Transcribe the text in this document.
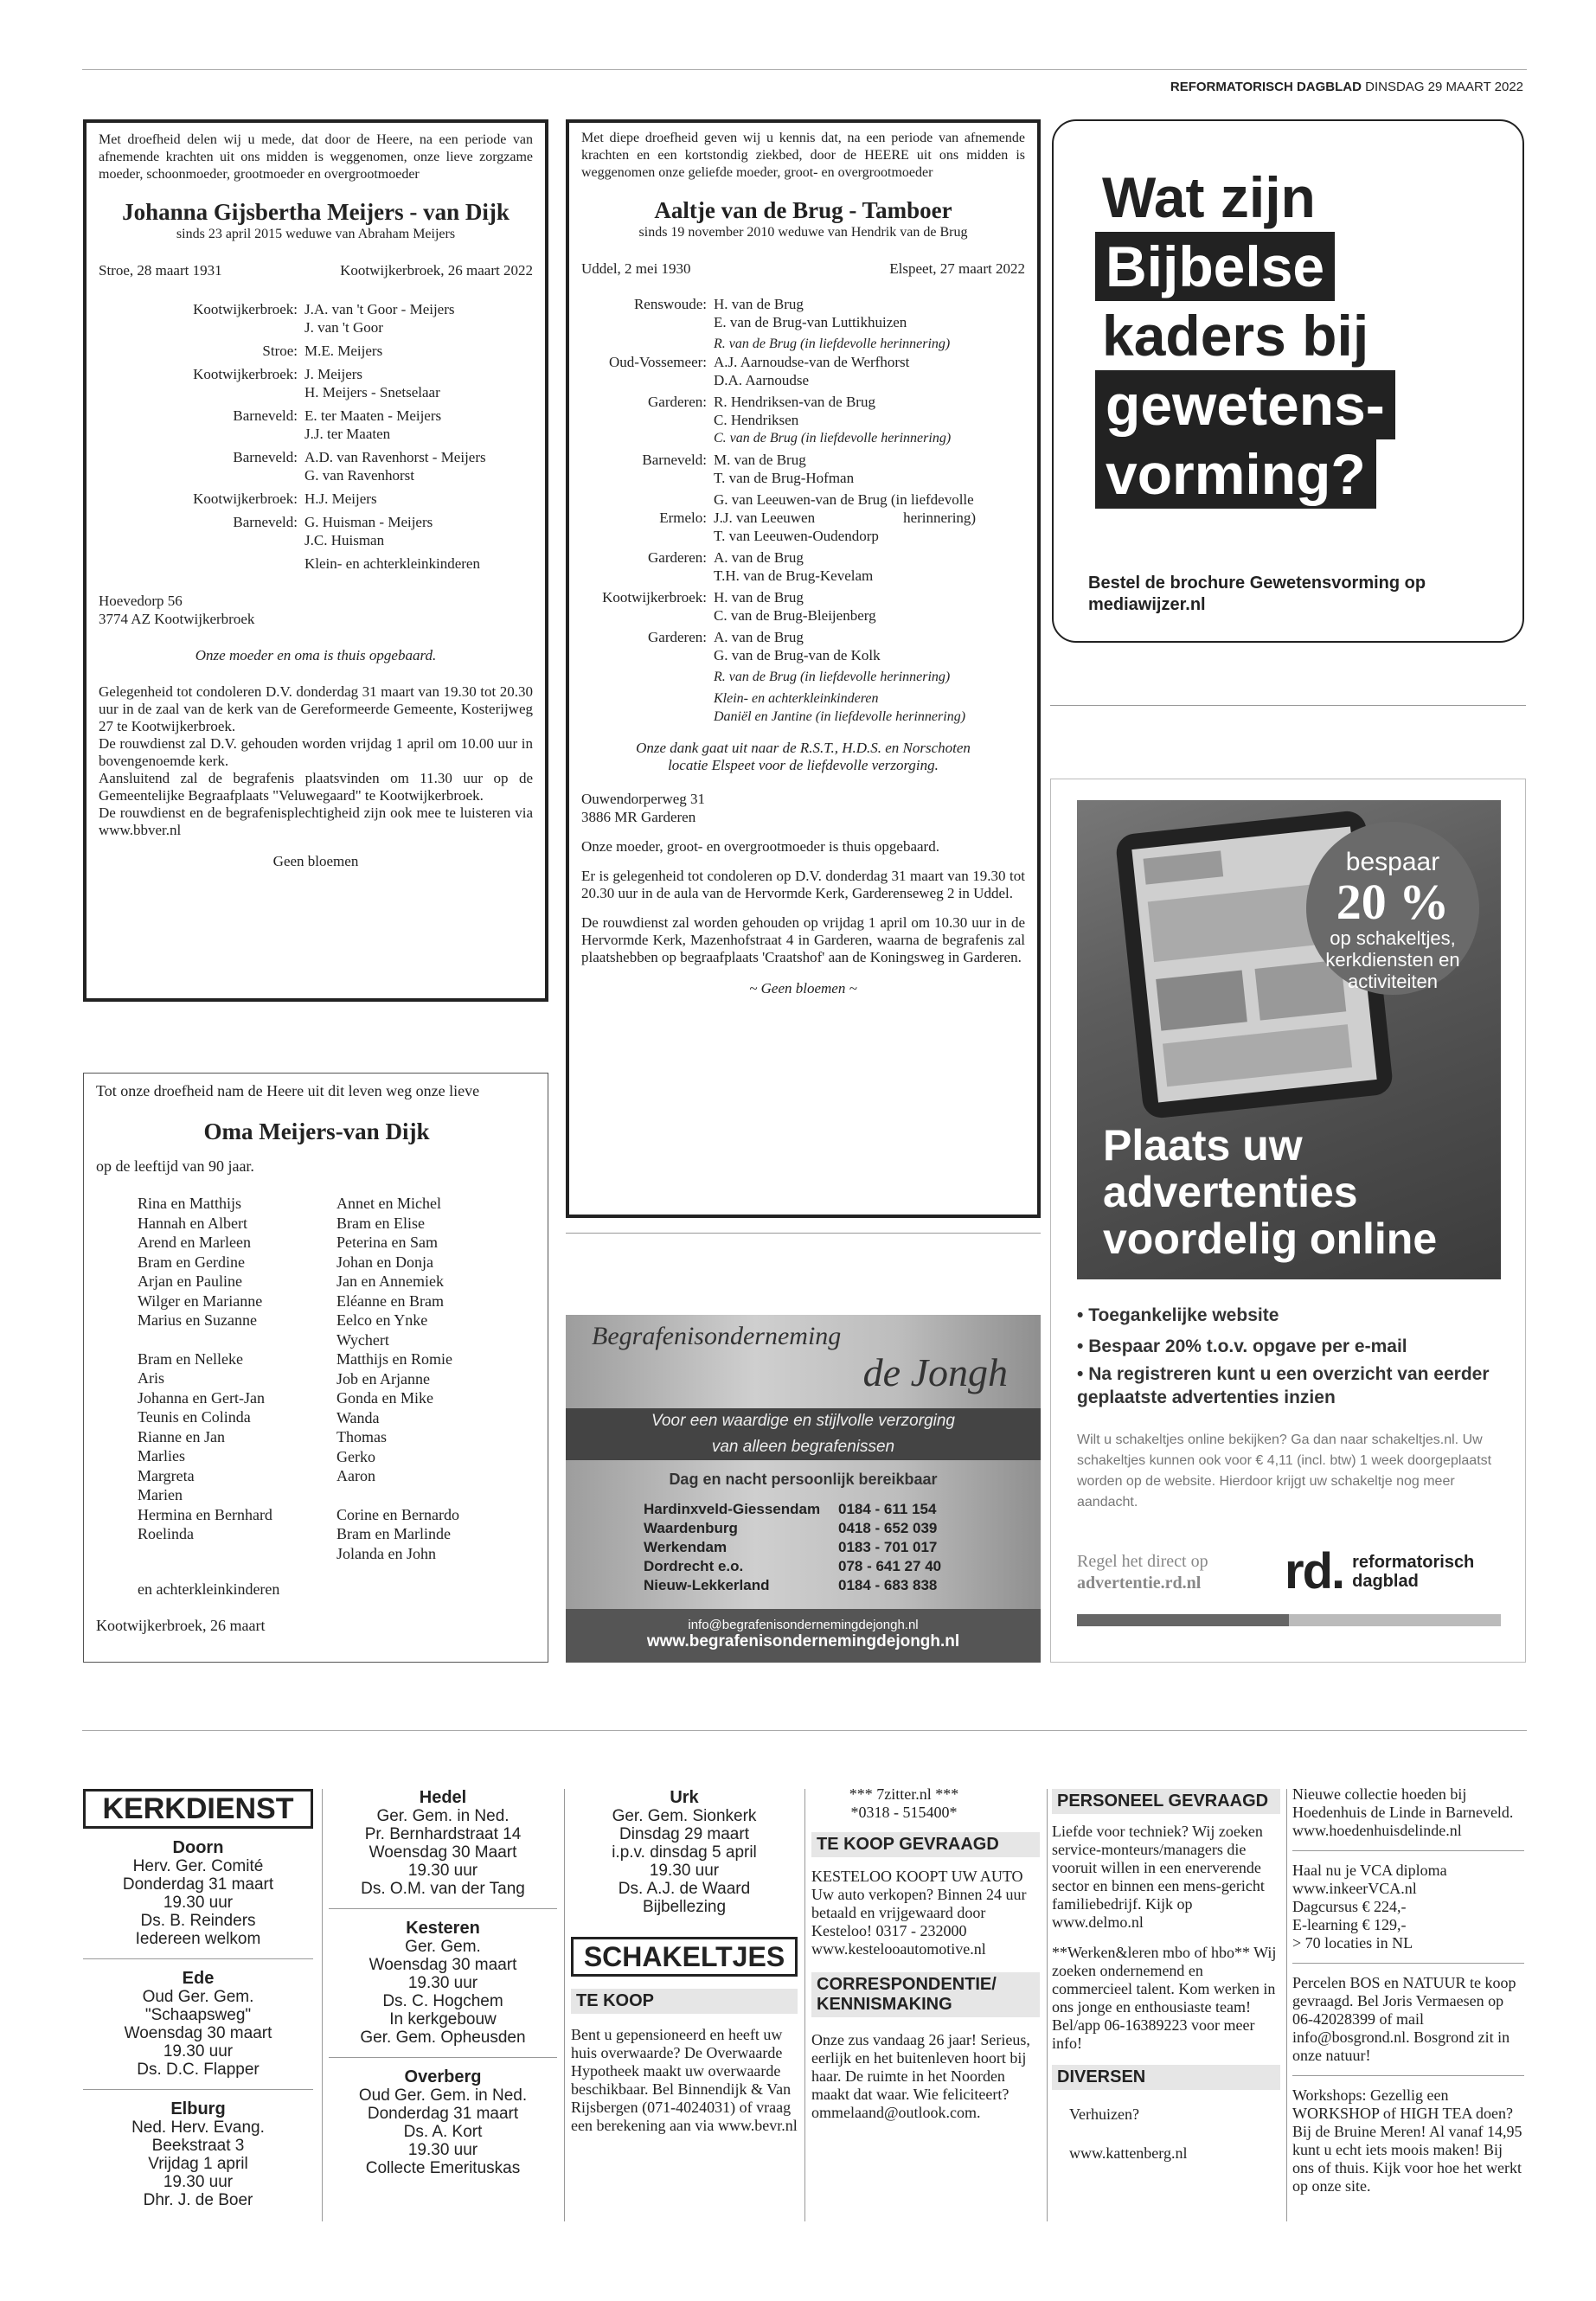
REFORMATORISCH DAGBLAD DINSDAG 29 MAART 2022

Met droefheid delen wij u mede, dat door de Heere, na een periode van afnemende krachten uit ons midden is weggenomen, onze lieve zorgzame moeder, schoonmoeder, grootmoeder en overgrootmoeder

Johanna Gijsbertha Meijers - van Dijk

sinds 23 april 2015 weduwe van Abraham Meijers

Stroe, 28 maart 1931	Kootwijkerbroek, 26 maart 2022
Kootwijkerbroek: J.A. van 't Goor - Meijers
J. van 't Goor
Stroe: M.E. Meijers
Kootwijkerbroek: J. Meijers
H. Meijers - Snetselaar
Barneveld: E. ter Maaten - Meijers
J.J. ter Maaten
Barneveld: A.D. van Ravenhorst - Meijers
G. van Ravenhorst
Kootwijkerbroek: H.J. Meijers
Barneveld: G. Huisman - Meijers
J.C. Huisman
Klein- en achterkleinkinderen
Hoevedorp 56
3774 AZ Kootwijkerbroek

Onze moeder en oma is thuis opgebaard.

Gelegenheid tot condoleren D.V. donderdag 31 maart van 19.30 tot 20.30 uur in de zaal van de kerk van de Gereformeerde Gemeente, Kosterijweg 27 te Kootwijkerbroek.

De rouwdienst zal D.V. gehouden worden vrijdag 1 april om 10.00 uur in bovengenoemde kerk.

Aansluitend zal de begrafenis plaatsvinden om 11.30 uur op de Gemeentelijke Begraafplaats "Veluwegaard" te Kootwijkerbroek.

De rouwdienst en de begrafenisplechtigheid zijn ook mee te luisteren via www.bbver.nl

Geen bloemen

Met diepe droefheid geven wij u kennis dat, na een periode van afnemende krachten en een kortstondig ziekbed, door de HEERE uit ons midden is weggenomen onze geliefde moeder, groot- en overgrootmoeder

Aaltje van de Brug - Tamboer

sinds 19 november 2010 weduwe van Hendrik van de Brug

Uddel, 2 mei 1930	Elspeet, 27 maart 2022
Renswoude: H. van de Brug
E. van de Brug-van Luttikhuizen
R. van de Brug (in liefdevolle herinnering)
Oud-Vossemeer: A.J. Aarnoudse-van de Werfhorst
D.A. Aarnoudse
Garderen: R. Hendriksen-van de Brug
C. Hendriksen
C. van de Brug (in liefdevolle herinnering)
Barneveld: M. van de Brug
T. van de Brug-Hofman
G. van Leeuwen-van de Brug (in liefdevolle
Ermelo: J.J. van Leeuwen                        herinnering)
T. van Leeuwen-Oudendorp
Garderen: A. van de Brug
T.H. van de Brug-Kevelam
Kootwijkerbroek: H. van de Brug
C. van de Brug-Bleijenberg
Garderen: A. van de Brug
G. van de Brug-van de Kolk
R. van de Brug (in liefdevolle herinnering)
Klein- en achterkleinkinderen
Daniël en Jantine (in liefdevolle herinnering)

Onze dank gaat uit naar de R.S.T., H.D.S. en Norschoten locatie Elspeet voor de liefdevolle verzorging.

Ouwendorperweg 31
3886 MR Garderen

Onze moeder, groot- en overgrootmoeder is thuis opgebaard.

Er is gelegenheid tot condoleren op D.V. donderdag 31 maart van 19.30 tot 20.30 uur in de aula van de Hervormde Kerk, Garderenseweg 2 in Uddel.

De rouwdienst zal worden gehouden op vrijdag 1 april om 10.30 uur in de Hervormde Kerk, Mazenhofstraat 4 in Garderen, waarna de begrafenis zal plaatshebben op begraafplaats 'Craatshof' aan de Koningsweg in Garderen.

~ Geen bloemen ~

Tot onze droefheid nam de Heere uit dit leven weg onze lieve

Oma Meijers-van Dijk

op de leeftijd van 90 jaar.

Rina en Matthijs
Hannah en Albert
Arend en Marleen
Bram en Gerdine
Arjan en Pauline
Wilger en Marianne
Marius en Suzanne
Bram en Nelleke
Aris
Johanna en Gert-Jan
Teunis en Colinda
Rianne en Jan
Marlies
Margreta
Marien
Hermina en Bernhard
Roelinda
Annet en Michel
Bram en Elise
Peterina en Sam
Johan en Donja
Jan en Annemiek
Eléanne en Bram
Eelco en Ynke
Wychert
Matthijs en Romie
Job en Arjanne
Gonda en Mike
Wanda
Thomas
Gerko
Aaron
Corine en Bernardo
Bram en Marlinde
Jolanda en John

en achterkleinkinderen

Kootwijkerbroek, 26 maart

Wat zijn
Bijbelse
kaders bij
gewetens-
vorming?
Bestel de brochure Gewetensvorming op mediawijzer.nl
bespaar
20 %
op schakeltjes, kerkdiensten en activiteiten
Plaats uw advertenties voordelig online
• Toegankelijke website
• Bespaar 20% t.o.v. opgave per e-mail
• Na registreren kunt u een overzicht van eerder geplaatste advertenties inzien
Wilt u schakeltjes online bekijken? Ga dan naar schakeltjes.nl. Uw schakeltjes kunnen ook voor € 4,11 (incl. btw) 1 week doorgeplaatst worden op de website. Hierdoor krijgt uw schakeltje nog meer aandacht.
Regel het direct op
advertentie.rd.nl rd. reformatorisch
dagblad
Begrafenisonderneming
de Jongh
Voor een waardige en stijlvolle verzorging
van alleen begrafenissen
Dag en nacht persoonlijk bereikbaar
Hardinxveld-Giessendam	0184 - 611 154
Waardenburg	0418 - 652 039
Werkendam	0183 - 701 017
Dordrecht e.o.	078 - 641 27 40
Nieuw-Lekkerland	0184 - 683 838
info@begrafenisondernemingdejongh.nl
www.begrafenisondernemingdejongh.nl
KERKDIENST
Doorn
Herv. Ger. Comité
Donderdag 31 maart
19.30 uur
Ds. B. Reinders
Iedereen welkom
Ede
Oud Ger. Gem.
"Schaapsweg"
Woensdag 30 maart
19.30 uur
Ds. D.C. Flapper
Elburg
Ned. Herv. Evang.
Beekstraat 3
Vrijdag 1 april
19.30 uur
Dhr. J. de Boer
Hedel
Ger. Gem. in Ned.
Pr. Bernhardstraat 14
Woensdag 30 Maart
19.30 uur
Ds. O.M. van der Tang
Kesteren
Ger. Gem.
Woensdag 30 maart
19.30 uur
Ds. C. Hogchem
In kerkgebouw
Ger. Gem. Opheusden
Overberg
Oud Ger. Gem. in Ned.
Donderdag 31 maart
Ds. A. Kort
19.30 uur
Collecte Emerituskas
Urk
Ger. Gem. Sionkerk
Dinsdag 29 maart
i.p.v. dinsdag 5 april
19.30 uur
Ds. A.J. de Waard
Bijbellezing
SCHAKELTJES
TE KOOP
Bent u gepensioneerd en heeft uw huis overwaarde? De Overwaarde Hypotheek maakt uw overwaarde beschikbaar. Bel Binnendijk & Van Rijsbergen (071-4024031) of vraag een berekening aan via www.bevr.nl
*** 7zitter.nl ***
*0318 - 515400*
TE KOOP GEVRAAGD
KESTELOO KOOPT UW AUTO Uw auto verkopen? Binnen 24 uur betaald en vrijgewaard door Kesteloo! 0317 - 232000 www.kestelooautomotive.nl
CORRESPONDENTIE/ KENNISMAKING
Onze zus vandaag 26 jaar! Serieus, eerlijk en het buitenleven hoort bij haar. De ruimte in het Noorden maakt dat waar. Wie feliciteert? ommelaand@outlook.com.
PERSONEEL GEVRAAGD
Liefde voor techniek? Wij zoeken service-monteurs/managers die vooruit willen in een enerverende sector en binnen een mens-gericht familiebedrijf. Kijk op www.delmo.nl
**Werken&leren mbo of hbo** Wij zoeken ondernemend en commercieel talent. Kom werken in ons jonge en enthousiaste team! Bel/app 06-16389223 voor meer info!
DIVERSEN
Verhuizen?
www.kattenberg.nl
Nieuwe collectie hoeden bij Hoedenhuis de Linde in Barneveld. www.hoedenhuisdelinde.nl
Haal nu je VCA diploma
www.inkeerVCA.nl
Dagcursus € 224,-
E-learning € 129,-
> 70 locaties in NL
Percelen BOS en NATUUR te koop gevraagd. Bel Joris Vermaesen op 06-42028399 of mail info@bosgrond.nl. Bosgrond zit in onze natuur!
Workshops: Gezellig een WORKSHOP of HIGH TEA doen? Bij de Bruine Meren! Al vanaf 14,95 kunt u echt iets moois maken! Bij ons of thuis. Kijk voor hoe het werkt op onze site.
